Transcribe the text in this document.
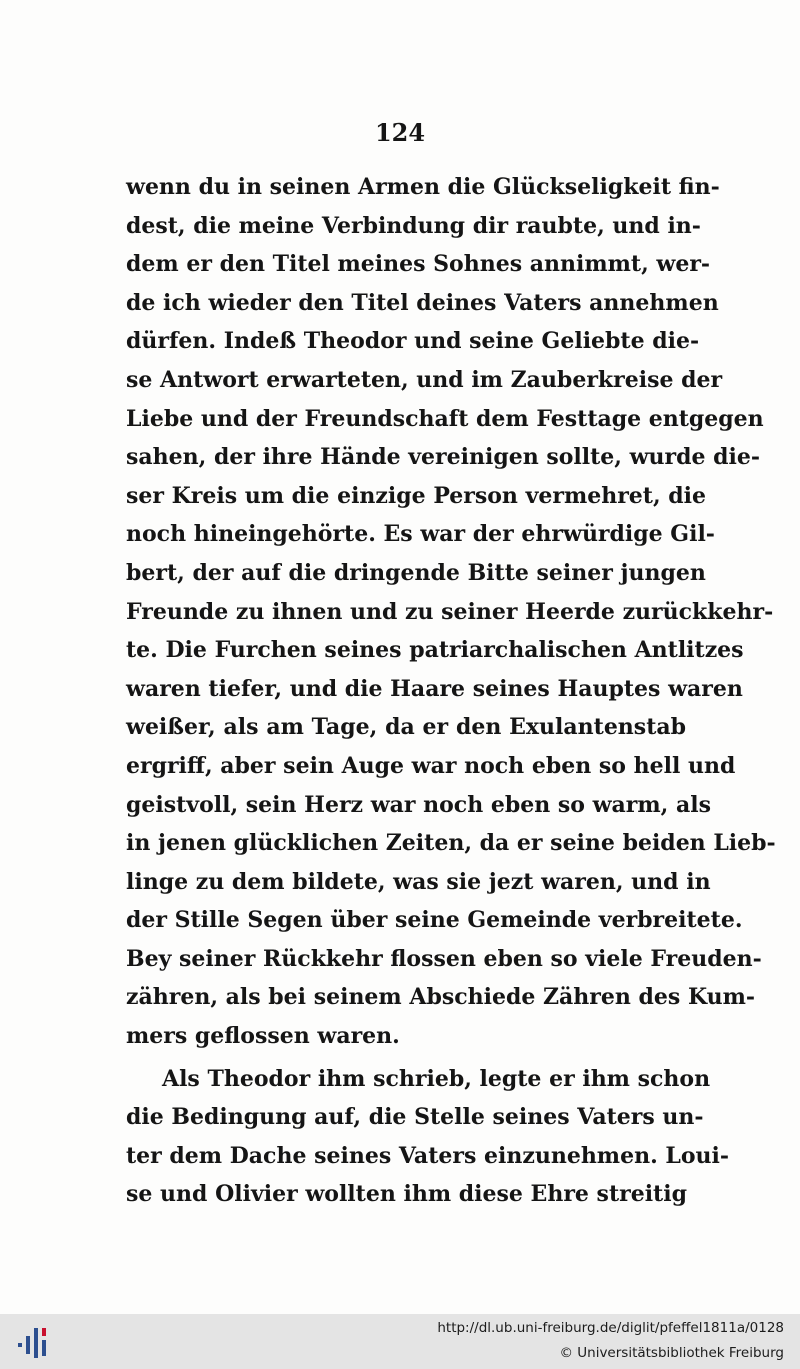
124
wenn du in seinen Armen die Glückseligkeit fin-
dest, die meine Verbindung dir raubte, und in-
dem er den Titel meines Sohnes annimmt, wer-
de ich wieder den Titel deines Vaters annehmen
dürfen. Indeß Theodor und seine Geliebte die-
se Antwort erwarteten, und im Zauberkreise der
Liebe und der Freundschaft dem Festtage entgegen
sahen, der ihre Hände vereinigen sollte, wurde die-
ser Kreis um die einzige Person vermehret, die
noch hineingehörte. Es war der ehrwürdige Gil-
bert, der auf die dringende Bitte seiner jungen
Freunde zu ihnen und zu seiner Heerde zurückkehr-
te. Die Furchen seines patriarchalischen Antlitzes
waren tiefer, und die Haare seines Hauptes waren
weißer, als am Tage, da er den Exulantenstab
ergriff, aber sein Auge war noch eben so hell und
geistvoll, sein Herz war noch eben so warm, als
in jenen glücklichen Zeiten, da er seine beiden Lieb-
linge zu dem bildete, was sie jezt waren, und in
der Stille Segen über seine Gemeinde verbreitete.
Bey seiner Rückkehr flossen eben so viele Freuden-
zähren, als bei seinem Abschiede Zähren des Kum-
mers geflossen waren.
Als Theodor ihm schrieb, legte er ihm schon
die Bedingung auf, die Stelle seines Vaters un-
ter dem Dache seines Vaters einzunehmen. Loui-
se und Olivier wollten ihm diese Ehre streitig
http://dl.ub.uni-freiburg.de/diglit/pfeffel1811a/0128
© Universitätsbibliothek Freiburg
